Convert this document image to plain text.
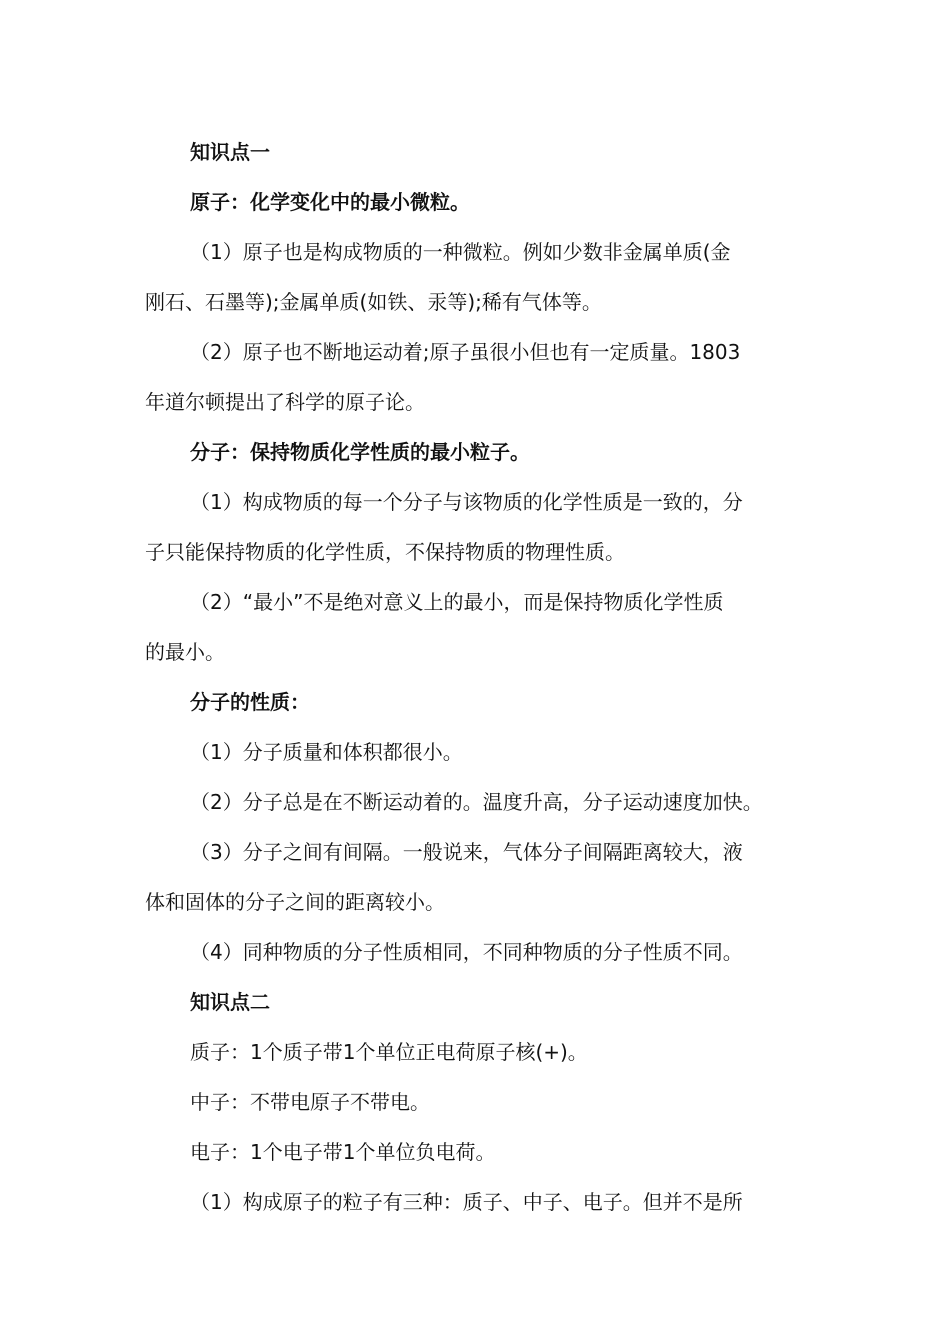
知识点一
原子：化学变化中的最小微粒。
（1）原子也是构成物质的一种微粒。例如少数非金属单质(金
刚石、石墨等);金属单质(如铁、汞等);稀有气体等。
（2）原子也不断地运动着;原子虽很小但也有一定质量。1803
年道尔顿提出了科学的原子论。
分子：保持物质化学性质的最小粒子。
（1）构成物质的每一个分子与该物质的化学性质是一致的，分
子只能保持物质的化学性质，不保持物质的物理性质。
（2）“最小”不是绝对意义上的最小，而是保持物质化学性质
的最小。
分子的性质：
（1）分子质量和体积都很小。
（2）分子总是在不断运动着的。温度升高，分子运动速度加快。
（3）分子之间有间隔。一般说来，气体分子间隔距离较大，液
体和固体的分子之间的距离较小。
（4）同种物质的分子性质相同，不同种物质的分子性质不同。
知识点二
质子：1个质子带1个单位正电荷原子核(+)。
中子：不带电原子不带电。
电子：1个电子带1个单位负电荷。
（1）构成原子的粒子有三种：质子、中子、电子。但并不是所
